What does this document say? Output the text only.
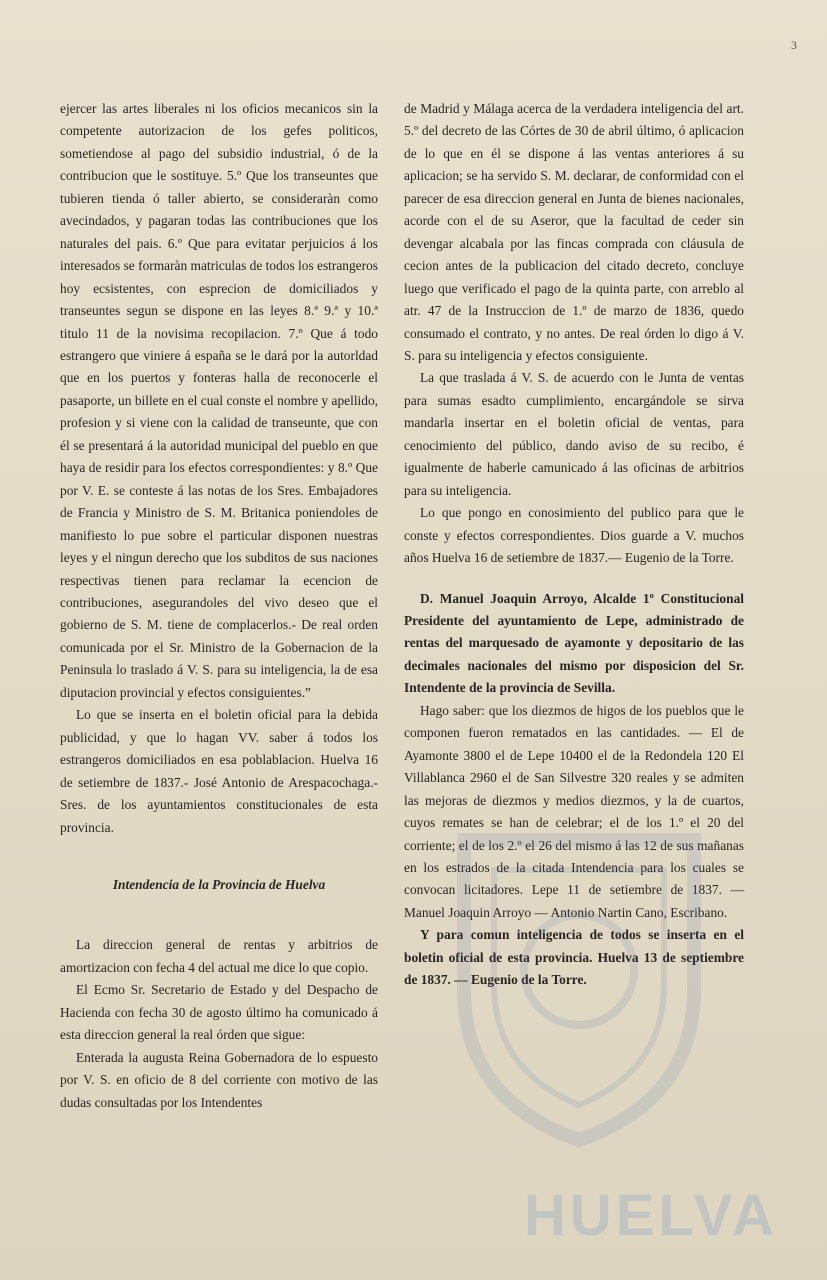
3

ejercer las artes liberales ni los oficios mecanicos sin la competente autorizacion de los gefes politicos, sometiendose al pago del subsidio industrial, ó de la contribucion que le sostituye. 5.º Que los transeuntes que tubieren tienda ó taller abierto, se consideraràn como avecindados, y pagaran todas las contribuciones que los naturales del pais. 6.º Que para evitatar perjuicios á los interesados se formaràn matriculas de todos los estrangeros hoy ecsistentes, con esprecion de domiciliados y transeuntes segun se dispone en las leyes 8.ª 9.ª y 10.ª titulo 11 de la novisima recopilacion. 7.º Que á todo estrangero que viniere á españa se le dará por la autorldad que en los puertos y fonteras halla de reconocerle el pasaporte, un billete en el cual conste el nombre y apellido, profesion y si viene con la calidad de transeunte, que con él se presentará á la autoridad municipal del pueblo en que haya de residir para los efectos correspondientes: y 8.º Que por V. E. se conteste á las notas de los Sres. Embajadores de Francia y Ministro de S. M. Britanica poniendoles de manifiesto lo pue sobre el particular disponen nuestras leyes y el ningun derecho que los subditos de sus naciones respectivas tienen para reclamar la ecencion de contribuciones, asegurandoles del vivo deseo que el gobierno de S. M. tiene de complacerlos.- De real orden comunicada por el Sr. Ministro de la Gobernacion de la Peninsula lo traslado á V. S. para su inteligencia, la de esa diputacion provincial y efectos consiguientes.”

Lo que se inserta en el boletin oficial para la debida publicidad, y que lo hagan VV. saber á todos los estrangeros domiciliados en esa poblablacion. Huelva 16 de setiembre de 1837.- José Antonio de Arespacochaga.- Sres. de los ayuntamientos constitucionales de esta provincia.

Intendencia de la Provincia de Huelva

La direccion general de rentas y arbitrios de amortizacion con fecha 4 del actual me dice lo que copio.

El Ecmo Sr. Secretario de Estado y del Despacho de Hacienda con fecha 30 de agosto último ha comunicado á esta direccion general la real órden que sigue:

Enterada la augusta Reina Gobernadora de lo espuesto por V. S. en oficio de 8 del corriente con motivo de las dudas consultadas por los Intendentes

de Madrid y Málaga acerca de la verdadera inteligencia del art. 5.º del decreto de las Córtes de 30 de abril último, ó aplicacion de lo que en él se dispone á las ventas anteriores á su aplicacion; se ha servido S. M. declarar, de conformidad con el parecer de esa direccion general en Junta de bienes nacionales, acorde con el de su Aseror, que la facultad de ceder sin devengar alcabala por las fincas comprada con cláusula de cecion antes de la publicacion del citado decreto, concluye luego que verificado el pago de la quinta parte, con arreblo al atr. 47 de la Instruccion de 1.º de marzo de 1836, quedo consumado el contrato, y no antes. De real órden lo digo á V. S. para su inteligencia y efectos consiguiente.

La que traslada á V. S. de acuerdo con le Junta de ventas para sumas esadto cumplimiento, encargándole se sirva mandarla insertar en el boletin oficial de ventas, para cenocimiento del público, dando aviso de su recibo, é igualmente de haberle camunicado á las oficinas de arbitrios para su inteligencia.

Lo que pongo en conosimiento del publico para que le conste y efectos correspondientes. Dios guarde a V. muchos años Huelva 16 de setiembre de 1837.— Eugenio de la Torre.

D. Manuel Joaquin Arroyo, Alcalde 1º Constitucional Presidente del ayuntamiento de Lepe, administrado de rentas del marquesado de ayamonte y depositario de las decimales nacionales del mismo por disposicion del Sr. Intendente de la provincia de Sevilla.

Hago saber: que los diezmos de higos de los pueblos que le componen fueron rematados en las cantidades. — El de Ayamonte 3800 el de Lepe 10400 el de la Redondela 120 El Villablanca 2960 el de San Silvestre 320 reales y se admiten las mejoras de diezmos y medios diezmos, y la de cuartos, cuyos remates se han de celebrar; el de los 1.º el 20 del corriente; el de los 2.º el 26 del mismo á las 12 de sus mañanas en los estrados de la citada Intendencia para los cuales se convocan licitadores. Lepe 11 de setiembre de 1837. — Manuel Joaquin Arroyo — Antonio Nartin Cano, Escribano.

Y para comun inteligencia de todos se inserta en el boletin oficial de esta provincia. Huelva 13 de septiembre de 1837. — Eugenio de la Torre.

HUELVA
